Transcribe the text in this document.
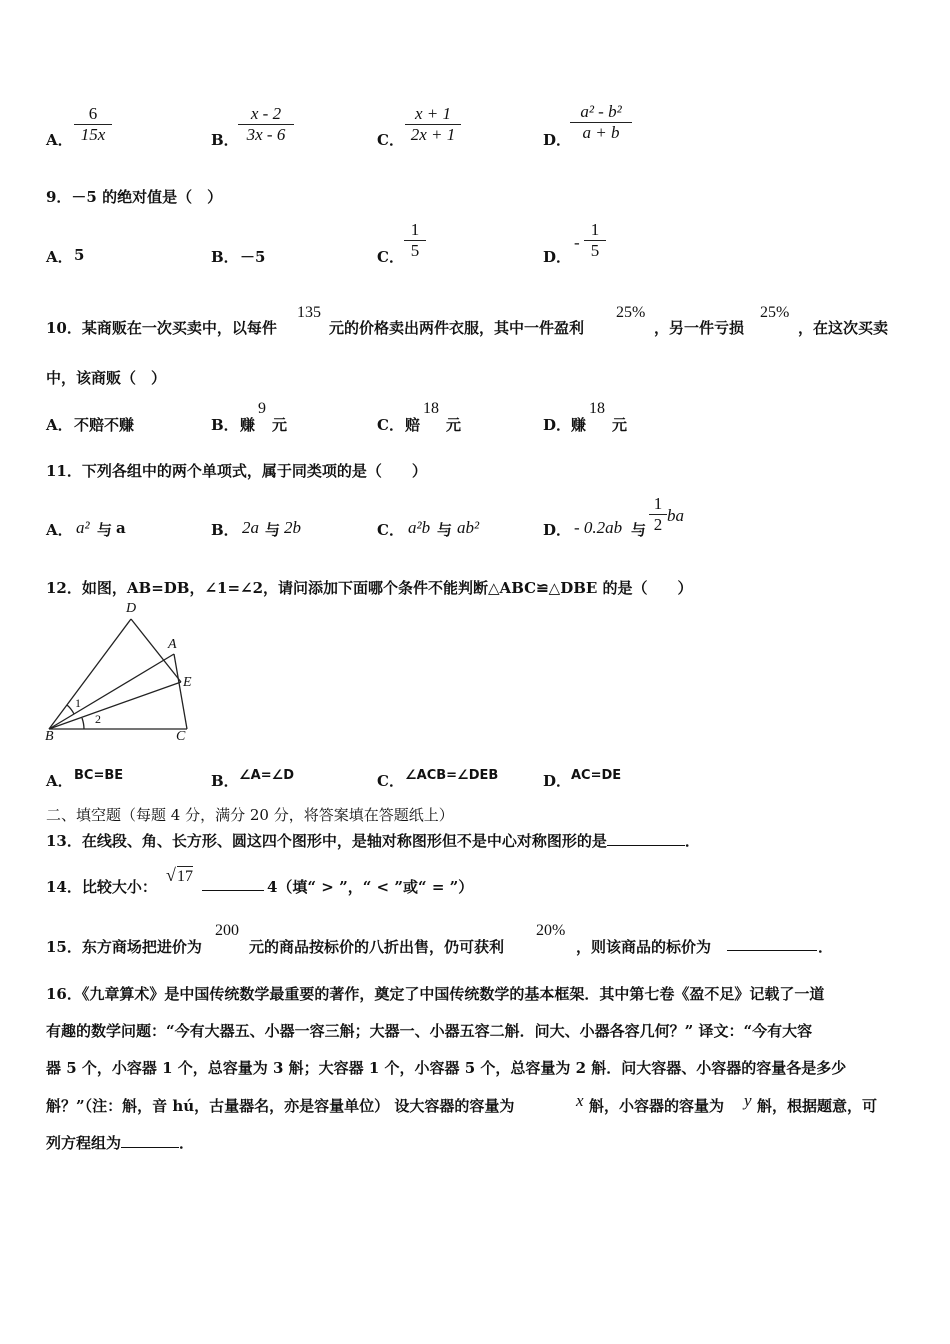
A．
6
15x	B．
x - 2
3x - 6	C．
x + 1
2x + 1	D．
a² - b²
a + b
9．－5 的绝对值是（　）
A． 5	B． －5	C．
1
5	D．
-
1
5
10．某商贩在一次买卖中，以每件
135
元的价格卖出两件衣服，其中一件盈利
25%
，另一件亏损
25%
，在这次买卖
中，该商贩（　）
A． 不赔不赚	B． 赚
9
元	C． 赔
18
元	D． 赚
18
元
11．下列各组中的两个单项式，属于同类项的是（　　）
A． a² 与 a	B． 2a 与 2b	C． a²b 与 ab²	D． - 0.2ab 与
1
2 ba
12．如图，AB=DB，∠1=∠2，请问添加下面哪个条件不能判断△ABC≌△DBE 的是（　　）
D
A
E
B	C
1
2
A． BC=BE	B． ∠A=∠D	C． ∠ACB=∠DEB	D． AC=DE
二、填空题（每题 4 分，满分 20 分，将答案填在答题纸上）
13．在线段、角、长方形、圆这四个图形中，是轴对称图形但不是中心对称图形的是	．
14．比较大小：
√ 17
4（填“ > ”，“ < ”或“ = ”）
15．东方商场把进价为
200
元的商品按标价的八折出售，仍可获利
20%
，则该商品的标价为	．
16．《九章算术》是中国传统数学最重要的著作，奠定了中国传统数学的基本框架．其中第七卷《盈不足》记载了一道
有趣的数学问题：“今有大器五、小器一容三斛；大器一、小器五容二斛．问大、小器各容几何？” 译文：“今有大容
器 5 个，小容器 1 个，总容量为 3 斛；大容器 1 个，小容器 5 个，总容量为 2 斛．问大容器、小容器的容量各是多少
斛？”（注：斛，音 hú，古量器名，亦是容量单位） 设大容器的容量为	x 斛，小容器的容量为 y 斛，根据题意，可
列方程组为	．
